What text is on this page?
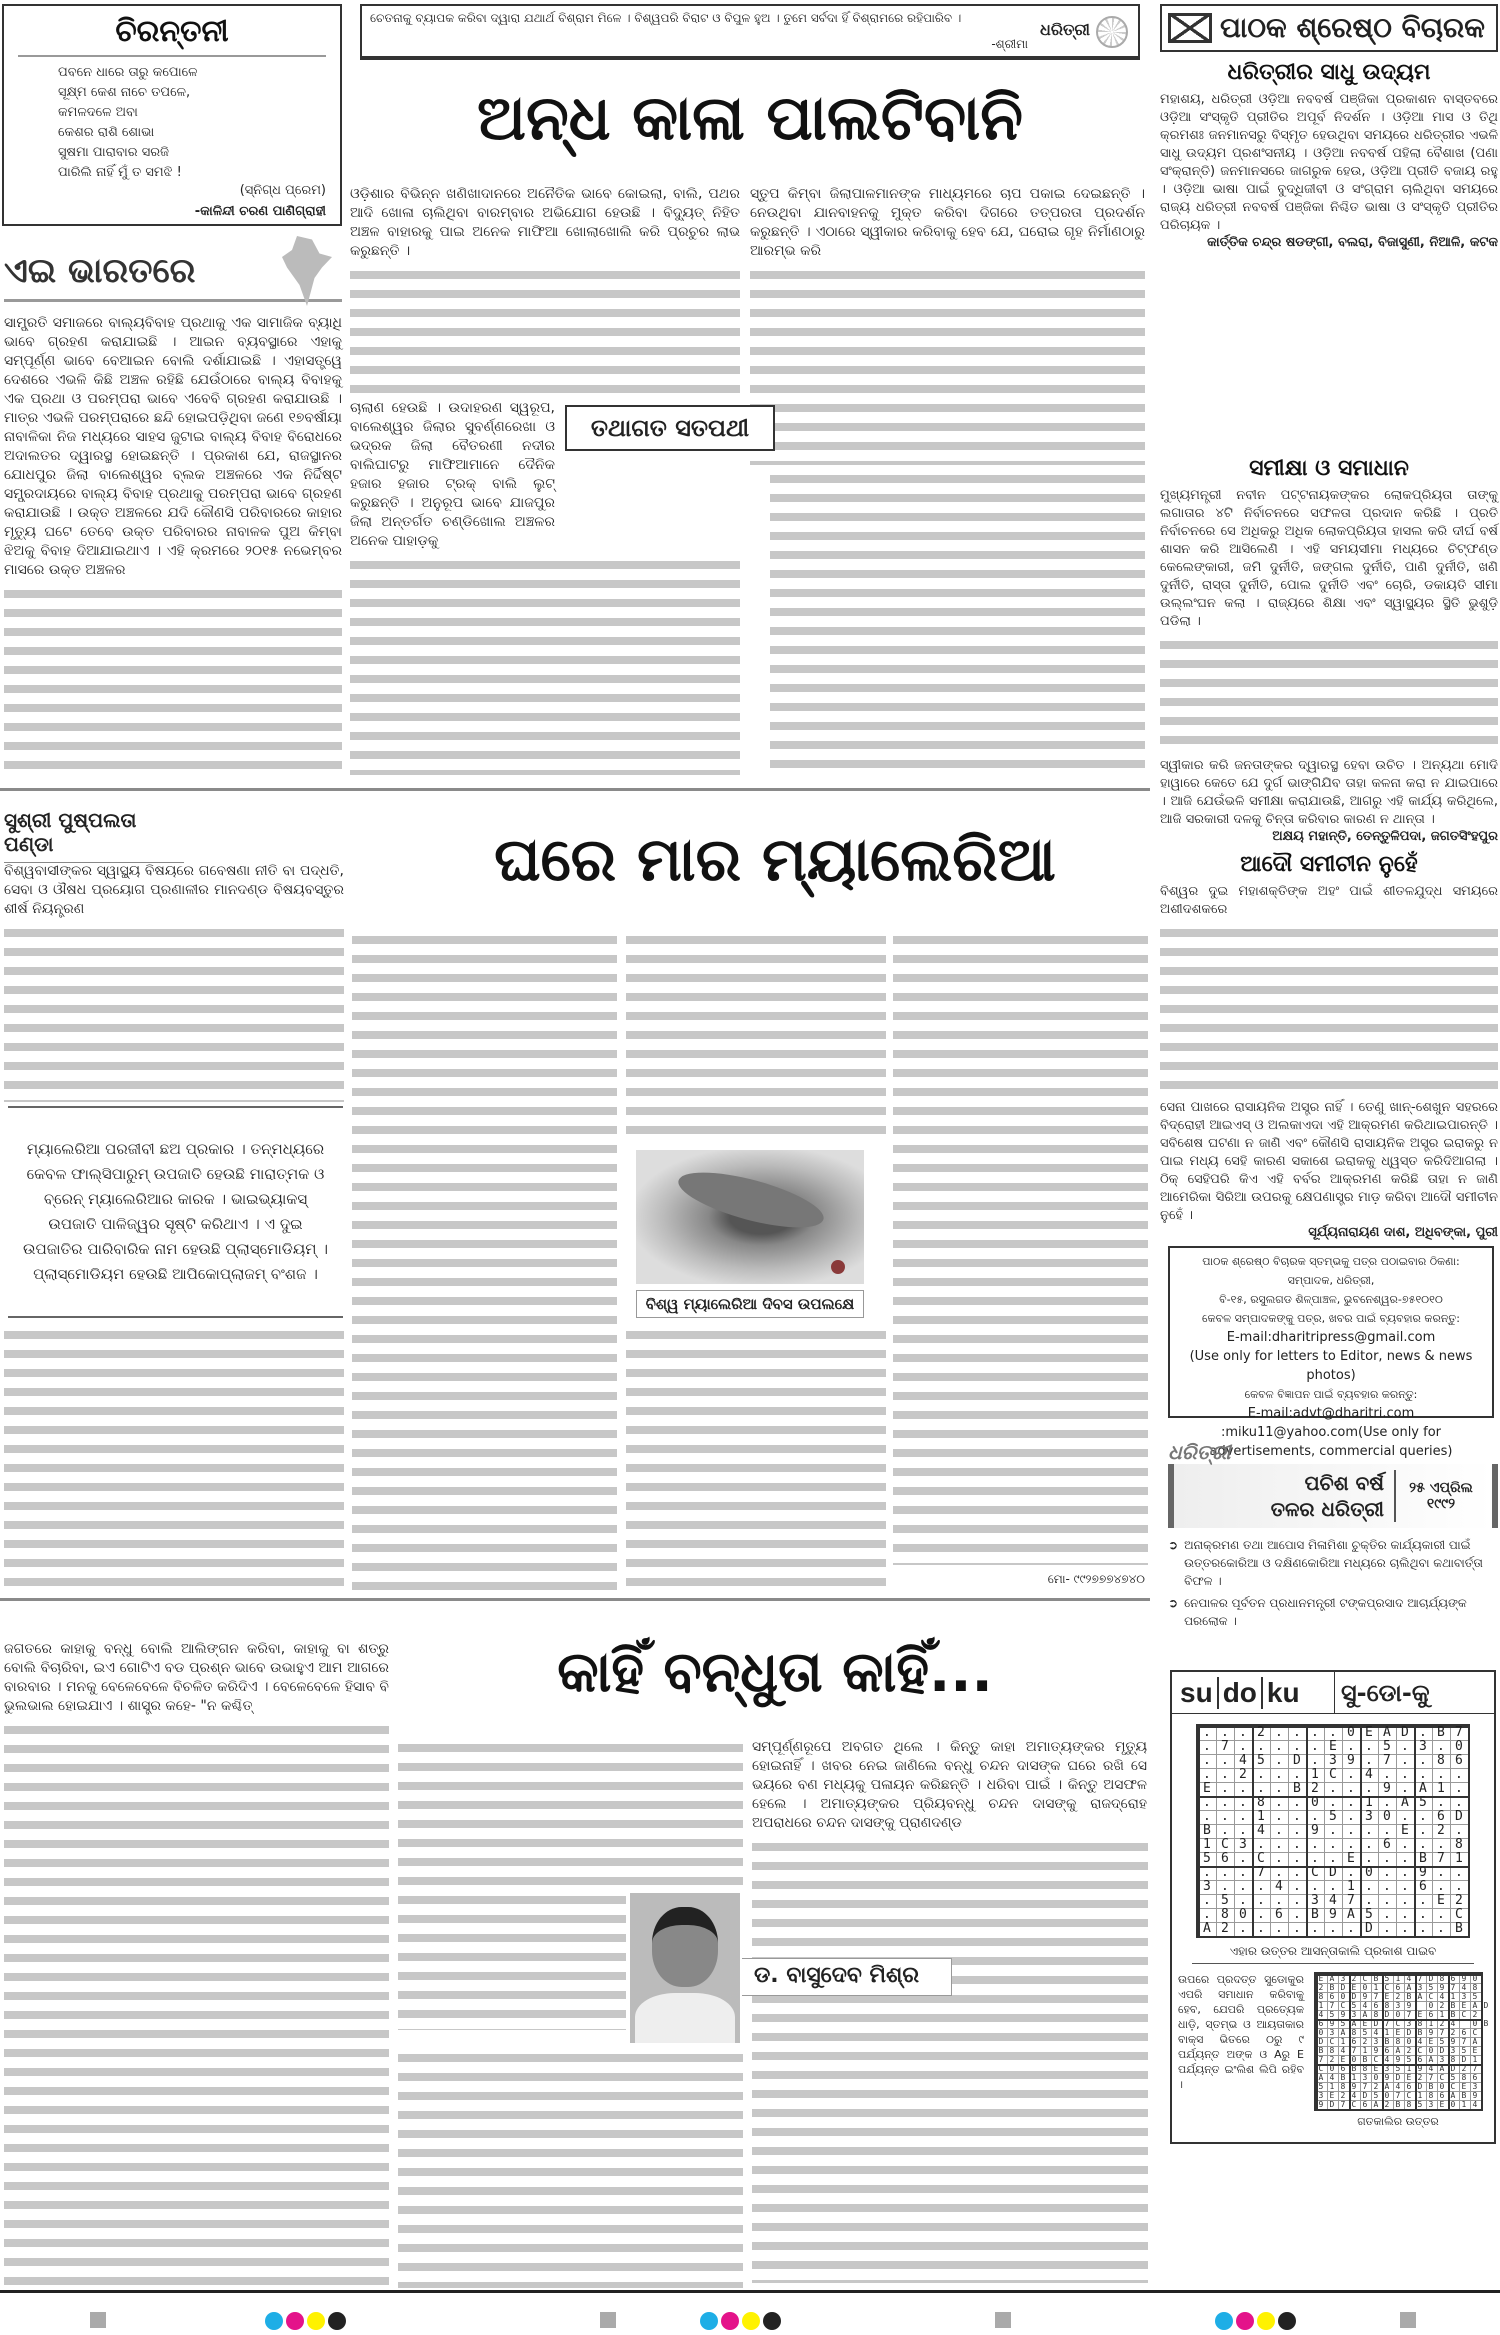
ଚିରନ୍ତନୀ
ପବନେ ଧାରେ ତାରୁ କପୋଳେ
ସୂକ୍ଷ୍ମ କେଶ ନାଚେ ତପଳେ,
କମଳଦଳେ ଅବା
କେଶର ରାଶି ଶୋଭା
ସୁଷମା ପାରାବାର ସରଜି
ପାରିଲି ନାହିଁ ମୁଁ ତ ସମଝି !
(ସ୍ନିଗ୍ଧ ପ୍ରେମ)
-କାଳିନ୍ଦୀ ଚରଣ ପାଣିଗ୍ରାହୀ
ଏଇ ଭାରତରେ
ସାମ୍ପ୍ରତି ସମାଜରେ ବାଲ୍ୟବିବାହ ପ୍ରଥାକୁ ଏକ ସାମାଜିକ ବ୍ୟାଧି ଭାବେ ଗ୍ରହଣ କରାଯାଇଛି । ଆଇନ ବ୍ୟବସ୍ଥାରେ ଏହାକୁ ସମ୍ପୂର୍ଣ୍ଣ ଭାବେ ବେଆଇନ ବୋଲି ଦର୍ଶାଯାଇଛି । ଏହାସତ୍ତ୍ୱେ ଦେଶରେ ଏଭଳି କିଛି ଅଞ୍ଚଳ ରହିଛି ଯେଉଁଠାରେ ବାଲ୍ୟ ବିବାହକୁ ଏକ ପ୍ରଥା ଓ ପରମ୍ପରା ଭାବେ ଏବେବି ଗ୍ରହଣ କରାଯାଉଛି । ମାତ୍ର ଏଭଳି ପରମ୍ପରାରେ ଛନ୍ଦି ହୋଇପଡ଼ିଥିବା ଜଣେ ୧୭ବର୍ଷୀୟା ନାବାଳିକା ନିଜ ମଧ୍ୟରେ ସାହସ ଜୁଟାଇ ବାଲ୍ୟ ବିବାହ ବିରୋଧରେ ଅଦାଲତର ଦ୍ୱାରସ୍ଥ ହୋଇଛନ୍ତି । ପ୍ରକାଶ ଯେ, ରାଜସ୍ଥାନର ଯୋଧପୁର ଜିଲା ବାଲେଶ୍ୱର ବ୍ଲକ ଅଞ୍ଚଳରେ ଏକ ନିର୍ଦ୍ଦିଷ୍ଟ ସମ୍ପ୍ରଦାୟରେ ବାଲ୍ୟ ବିବାହ ପ୍ରଥାକୁ ପରମ୍ପରା ଭାବେ ଗ୍ରହଣ କରାଯାଉଛି । ଉକ୍ତ ଅଞ୍ଚଳରେ ଯଦି କୌଣସି ପରିବାରରେ କାହାର ମୃତ୍ୟୁ ଘଟେ ତେବେ ଉକ୍ତ ପରିବାରର ନାବାଳକ ପୁଅ କିମ୍ବା ଝିଅକୁ ବିବାହ ଦିଆଯାଇଥାଏ । ଏହି କ୍ରମରେ ୨୦୧୫ ନଭେମ୍ବର ମାସରେ ଉକ୍ତ ଅଞ୍ଚଳର
ଚେତନାକୁ ବ୍ୟାପକ କରିବା ଦ୍ୱାରା ଯଥାର୍ଥ ବିଶ୍ରାମ ମିଳେ । ବିଶ୍ୱପରି ବିରାଟ ଓ ବିପୁଳ ହୁଅ । ତୁମେ ସର୍ବଦା ହିଁ ବିଶ୍ରାମରେ ରହିପାରିବ ।
-ଶ୍ରୀମା
ଧରିତ୍ରୀ
ଅନ୍ଧ କାଳା ପାଲଟିବାନି
ଓଡ଼ିଶାର ବିଭିନ୍ନ ଖଣିଖାଦାନରେ ଅନୈତିକ ଭାବେ କୋଇଲା, ବାଲି, ପଥର ଆଦି ଖୋଳା ଚାଲିଥିବା ବାରମ୍ବାର ଅଭିଯୋଗ ହେଉଛି । ବିଦ୍ୟୁତ୍ ନିହିତ ଅଞ୍ଚଳ ବାହାରକୁ ପାଇ ଅନେକ ମାଫିଆ ଖୋଲାଖୋଲି କରି ପ୍ରଚୁର ଲାଭ କରୁଛନ୍ତି ।
ଚାଲାଣ ହେଉଛି । ଉଦାହରଣ ସ୍ୱରୂପ, ବାଲେଶ୍ୱର ଜିଲାର ସୁବର୍ଣ୍ଣରେଖା ଓ ଭଦ୍ରକ ଜିଲା ବୈତରଣୀ ନଦୀର ବାଲିଘାଟରୁ ମାଫିଆମାନେ ଦୈନିକ ହଜାର ହଜାର ଟ୍ରକ୍ ବାଲି ଲୁଟ୍ କରୁଛନ୍ତି । ଅନୁରୂପ ଭାବେ ଯାଜପୁର ଜିଲା ଅନ୍ତର୍ଗତ ଚଣ୍ଡିଖୋଲ ଅଞ୍ଚଳର ଅନେକ ପାହାଡ଼କୁ
ତଥାଗତ ସତପଥୀ
ସ୍ତୁପ କିମ୍ବା ଜିଲାପାଳମାନଙ୍କ ମାଧ୍ୟମରେ ଚାପ ପକାଇ ଦେଇଛନ୍ତି । ନେଉଥିବା ଯାନବାହନକୁ ମୁକ୍ତ କରିବା ଦିଗରେ ତତ୍ପରତା ପ୍ରଦର୍ଶନ କରୁଛନ୍ତି । ଏଠାରେ ସ୍ୱୀକାର କରିବାକୁ ହେବ ଯେ, ଘରୋଇ ଗୃହ ନିର୍ମାଣଠାରୁ ଆରମ୍ଭ କରି
ପାଠକ ଶ୍ରେଷ୍ଠ ବିଚାରକ
ଧରିତ୍ରୀର ସାଧୁ ଉଦ୍ୟମ
ମହାଶୟ, ଧରିତ୍ରୀ ଓଡ଼ିଆ ନବବର୍ଷ ପଞ୍ଜିକା ପ୍ରକାଶନ ବାସ୍ତବରେ ଓଡ଼ିଆ ସଂସ୍କୃତି ପ୍ରୀତିର ଅପୂର୍ବ ନିଦର୍ଶନ । ଓଡ଼ିଆ ମାସ ଓ ତିଥି କ୍ରମଶଃ ଜନମାନସରୁ ବିସ୍ମୃତ ହେଉଥିବା ସମୟରେ ଧରିତ୍ରୀର ଏଭଳି ସାଧୁ ଉଦ୍ୟମ ପ୍ରଶଂସନୀୟ । ଓଡ଼ିଆ ନବବର୍ଷ ପହିଲା ବୈଶାଖ (ପଣା ସଂକ୍ରାନ୍ତି) ଜନମାନସରେ ଜାଗରୁକ ହେଉ, ଓଡ଼ିଆ ପ୍ରୀତି ବଜାୟ ରହୁ । ଓଡ଼ିଆ ଭାଷା ପାଇଁ ବୁଦ୍ଧିଜୀବୀ ଓ ସଂଗ୍ରାମ ଚାଲିଥିବା ସମୟରେ ରାଜ୍ୟ ଧରିତ୍ରୀ ନବବର୍ଷ ପଞ୍ଜିକା ନିଶ୍ଚିତ ଭାଷା ଓ ସଂସ୍କୃତି ପ୍ରୀତିର ପରିଚାୟକ ।
କାର୍ତ୍ତିକ ଚନ୍ଦ୍ର ଷଡଙ୍ଗୀ, ବଲରା, ବିଜାସୁଣୀ, ନିଆଳି, କଟକ
ସମୀକ୍ଷା ଓ ସମାଧାନ
ମୁଖ୍ୟମନ୍ତ୍ରୀ ନବୀନ ପଟ୍ଟନାୟକଙ୍କର ଲୋକପ୍ରିୟତା ତାଙ୍କୁ ଲଗାତାର ୪ଟି ନିର୍ବାଚନରେ ସଫଳତା ପ୍ରଦାନ କରିଛି । ପ୍ରତି ନିର୍ବାଚନରେ ସେ ଅଧିକରୁ ଅଧିକ ଲୋକପ୍ରିୟତା ହାସଲ କରି ଦୀର୍ଘ ବର୍ଷ ଶାସନ କରି ଆସିଲେଣି । ଏହି ସମୟସୀମା ମଧ୍ୟରେ ଚିଟ୍ଫଣ୍ଡ କେଲେଙ୍କାରୀ, ଜମି ଦୁର୍ନୀତି, ଜଙ୍ଗଲ ଦୁର୍ନୀତି, ପାଣି ଦୁର୍ନୀତି, ଖଣି ଦୁର୍ନୀତି, ରାସ୍ତା ଦୁର୍ନୀତି, ପୋଲ ଦୁର୍ନୀତି ଏବଂ ଚୋରି, ଡକାୟତି ସୀମା ଉଲ୍ଲଂଘନ କଲା । ରାଜ୍ୟରେ ଶିକ୍ଷା ଏବଂ ସ୍ୱାସ୍ଥ୍ୟର ସ୍ଥିତି ଭୁଶୁଡ଼ି ପଡିଲା ।
ସ୍ୱୀକାର କରି ଜନତାଙ୍କର ଦ୍ୱାରସ୍ଥ ହେବା ଉଚିତ । ଅନ୍ୟଥା ମୋଦି ହାୱାରେ କେତେ ଯେ ଦୁର୍ଗ ଭାଙ୍ଗିଯିବ ତାହା କଳନା କରା ନ ଯାଇପାରେ । ଆଜି ଯେଉଁଭଳି ସମୀକ୍ଷା କରାଯାଉଛି, ଆଗରୁ ଏହି କାର୍ଯ୍ୟ କରିଥିଲେ, ଆଜି ସରକାରୀ ଦଳକୁ ଚିନ୍ତା କରିବାର କାରଣ ନ ଥାନ୍ତା ।
ଅକ୍ଷୟ ମହାନ୍ତି, ତେନ୍ତୁଳିପଦା, ଜଗତସିଂହପୁର
ଆଦୌ ସମୀଚୀନ ନୁହେଁ
ବିଶ୍ୱର ଦୁଇ ମହାଶକ୍ତିଙ୍କ ଅହଂ ପାଇଁ ଶୀତଳଯୁଦ୍ଧ ସମୟରେ ଅଶୀଦଶକରେ
ସେନା ପାଖରେ ରାସାୟନିକ ଅସ୍ତ୍ର ନାହିଁ । ତେଣୁ ଖାନ୍-ଶେଖୁନ ସହରରେ ବିଦ୍ରୋହୀ ଆଇଏସ୍ ଓ ଅଲକାଏଦା ଏହି ଆକ୍ରମଣ କରିଥାଇପାରନ୍ତି । ସବିଶେଷ ଘଟଣା ନ ଜାଣି ଏବଂ କୌଣସି ରାସାୟନିକ ଅସ୍ତ୍ର ଇରାକରୁ ନ ପାଇ ମଧ୍ୟ ସେହି କାରଣ ସକାଶେ ଇରାକକୁ ଧ୍ୱସ୍ତ କରିଦିଆଗଲା । ଠିକ୍ ସେହିପରି କିଏ ଏହି ବର୍ବର ଆକ୍ରମଣ କରିଛି ତାହା ନ ଜାଣି ଆମେରିକା ସିରିଆ ଉପରକୁ କ୍ଷେପଣାସ୍ତ୍ର ମାଡ଼ କରିବା ଆଦୌ ସମୀଚୀନ ନୁହେଁ ।
ସୂର୍ଯ୍ୟନାରାୟଣ ଦାଶ, ଅଧିବଙ୍କା, ପୁରୀ
ପାଠକ ଶ୍ରେଷ୍ଠ ବିଚାରକ ସ୍ତମ୍ଭକୁ ପତ୍ର ପଠାଇବାର ଠିକଣା:
ସମ୍ପାଦକ, ଧରିତ୍ରୀ,
ବି-୧୫, ରସୁଲଗଡ ଶିଳ୍ପାଞ୍ଚଳ, ଭୁବନେଶ୍ୱର-୭୫୧୦୧୦
କେବଳ ସମ୍ପାଦକଙ୍କୁ ପତ୍ର, ଖବର ପାଇଁ ବ୍ୟବହାର କରନ୍ତୁ:
E-mail:dharitripress@gmail.com
(Use only for letters to Editor, news & news photos)
କେବଳ ବିଜ୍ଞାପନ ପାଇଁ ବ୍ୟବହାର କରନ୍ତୁ:
E-mail:advt@dharitri.com
:miku11@yahoo.com(Use only for advertisements, commercial queries)
ଧରିତ୍ରୀ
ପଚିଶ ବର୍ଷ
ତଳର ଧରିତ୍ରୀ
୨୫ ଏପ୍ରିଲ
୧୯୯୨
➲ ଅନାକ୍ରମଣ ତଥା ଆପୋସ ମିଳାମିଶା ଚୁକ୍ତିର କାର୍ଯ୍ୟକାରୀ ପାଇଁ ଉତ୍ତରକୋରିଆ ଓ ଦକ୍ଷିଣକୋରିଆ ମଧ୍ୟରେ ଚାଲିଥିବା କଥାବାର୍ତ୍ତା ବିଫଳ ।
➲ ନେପାଳର ପୂର୍ବତନ ପ୍ରଧାନମନ୍ତ୍ରୀ ଟଙ୍କପ୍ରସାଦ ଆଚାର୍ଯ୍ୟଙ୍କ ପରଲୋକ ।
ସୁଶ୍ରୀ ପୁଷ୍ପଲତା ପଣ୍ଡା	ଘରେ ମାର ମ୍ୟାଲେରିଆ
ବିଶ୍ୱବାସୀଙ୍କର ସ୍ୱାସ୍ଥ୍ୟ ବିଷୟରେ ଗବେଷଣା ନୀତି ବା ପଦ୍ଧତି, ସେବା ଓ ଔଷଧ ପ୍ରୟୋଗ ପ୍ରଣାଳୀର ମାନଦଣ୍ଡ ବିଷୟବସ୍ତୁର ଶୀର୍ଷ ନିୟନ୍ତ୍ରଣ
ମ୍ୟାଲେରିଆ ପରଜୀବୀ ଛଅ ପ୍ରକାର । ତନ୍ମଧ୍ୟରେ କେବଳ ଫାଲ୍ସିପାରୁମ୍ ଉପଜାତି ହେଉଛି ମାରାତ୍ମକ ଓ ବ୍ରେନ୍ ମ୍ୟାଲେରିଆର କାରକ । ଭାଇଭ୍ୟାକସ୍ ଉପଜାତି ପାଳିଜ୍ୱର ସୃଷ୍ଟି କରିଥାଏ । ଏ ଦୁଇ ଉପଜାତିର ପାରିବାରିକ ନାମ ହେଉଛି ପ୍ଲାସ୍ମୋଡିୟମ୍ । ପ୍ଲାସ୍ମୋଡିୟମ ହେଉଛି ଆପିକୋପ୍ଲାଜମ୍ ବଂଶଜ ।
ବିଶ୍ୱ ମ୍ୟାଲେରିଆ ଦିବସ ଉପଲକ୍ଷେ
ମୋ- ୯୯୨୭୭୭୪୭୪୦
କାହିଁ ବନ୍ଧୁତା କାହିଁ...
ଜଗତରେ କାହାକୁ ବନ୍ଧୁ ବୋଲି ଆଲିଙ୍ଗନ କରିବା, କାହାକୁ ବା ଶତ୍ରୁ ବୋଲି ବିଚାରିବା, ଇଏ ଗୋଟିଏ ବଡ ପ୍ରଶ୍ନ ଭାବେ ଉଭାହୁଏ ଆମ ଆଗରେ ବାରବାର । ମନକୁ ବେଳେବେଳେ ବିଚଳିତ କରିଦିଏ । ବେଳେବେଳେ ହିସାବ ବି ଭୁଲଭାଲ ହୋଇଯାଏ । ଶାସ୍ତ୍ର କହେ- "ନ କଶ୍ଚିତ୍
ସମ୍ପୂର୍ଣ୍ଣରୂପେ ଅବଗତ ଥିଲେ । କିନ୍ତୁ କାହା ଅମାତ୍ୟଙ୍କର ମୃତ୍ୟୁ ହୋଇନାହିଁ । ଖବର ନେଇ ଜାଣିଲେ ବନ୍ଧୁ ଚନ୍ଦନ ଦାସଙ୍କ ଘରେ ରଖି ସେ ଭୟରେ ବଣ ମଧ୍ୟକୁ ପଳାୟନ କରିଛନ୍ତି । ଧରିବା ପାଇଁ । କିନ୍ତୁ ଅସଫଳ ହେଲେ । ଅମାତ୍ୟଙ୍କର ପ୍ରିୟବନ୍ଧୁ ଚନ୍ଦନ ଦାସଙ୍କୁ ରାଜଦ୍ରୋହ ଅପରାଧରେ ଚନ୍ଦନ ଦାସଙ୍କୁ ପ୍ରାଣଦଣ୍ଡ
ଡ. ବାସୁଦେବ ମିଶ୍ର
su do ku ସୁ-ଡୋ-କୁ
...2....0EAD.B7
.7.....E..5.3.0
..45.D.39.7..86
..2...1C.4.....
E....B2...9.A1.
...8..0..1.A5..
...1...5.30..6D
B..4..9....E.2.
1C3.......6...8
56.C....E...B71
...7..CD.0..9..
3...4...1...6..
.5....347....E2
.80.6.B9A5....C
A2.......D....B
ଏହାର ଉତ୍ତର ଆସନ୍ତାକାଲି ପ୍ରକାଶ ପାଇବ
ଉପରେ ପ୍ରଦତ୍ତ ସୁଡୋକୁର ଏପରି ସମାଧାନ କରିବାକୁ ହେବ, ଯେପରି ପ୍ରତ୍ୟେକ ଧାଡ଼ି, ସ୍ତମ୍ଭ ଓ ଆୟତାକାର ବାକ୍ସ ଭିତରେ ୦ରୁ ୯ ପର୍ଯ୍ୟନ୍ତ ଅଙ୍କ ଓ Aରୁ E ପର୍ଯ୍ୟନ୍ତ ଇଂଲିଶ ଲିପି ରହିବ ।
EA32CB5147D8690
2BDE01C6A359748
860D97E2BAC4135
17C546839 02BEAD
4593A8D07E61BC2
695AED7C38124 0B
03A8541EDB9726C
DC1623B804E597A
B847196A2C0D35E
72E0BC4956A38D1
C06B8E35194AD27
A4B1309DE27C586
518972A46DB0CE3
3E24D507C186AB9
9D7C6A2B853E014
ଗତକାଲିର ଉତ୍ତର
